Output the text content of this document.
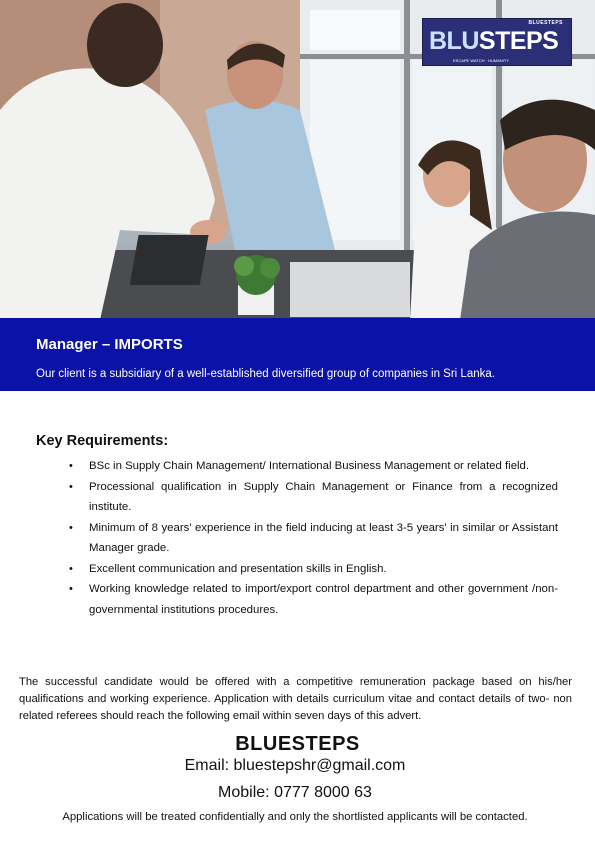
BLUESTEPS
BLUSTEPS
ESCAPE WATCH · HUMANITY
Manager – IMPORTS
Our client is a subsidiary of a well-established diversified group of companies in Sri Lanka.
Key Requirements:
• BSc in Supply Chain Management/ International Business Management or related field.
• Processional qualification in Supply Chain Management or Finance from a recognized institute.
• Minimum of 8 years' experience in the field inducing at least 3-5 years' in similar or Assistant Manager grade.
• Excellent communication and presentation skills in English.
• Working knowledge related to import/export control department and other government /non-governmental institutions procedures.
The successful candidate would be offered with a competitive remuneration package based on his/her qualifications and working experience. Application with details curriculum vitae and contact details of two- non related referees should reach the following email within seven days of this advert.
BLUESTEPS
Email: bluestepshr@gmail.com
Mobile: 0777 8000 63
Applications will be treated confidentially and only the shortlisted applicants will be contacted.
